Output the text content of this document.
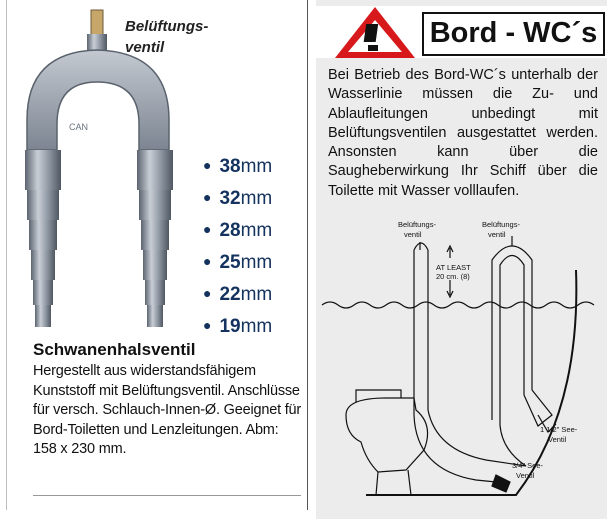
CAN

Belüftungs-
ventil

● 38mm
● 32mm
● 28mm
● 25mm
● 22mm
● 19mm
Schwanenhalsventil

Hergestellt aus widerstandsfähigem Kunststoff mit Belüftungsventil. Anschlüsse für versch. Schlauch-Innen-Ø. Geeignet für Bord-Toiletten und Lenzleitungen. Abm: 158 x 230 mm.

Bord - WC´s

Bei Betrieb des Bord-WC´s unterhalb der Wasserlinie müssen die Zu- und Ablaufleitungen unbedingt mit Belüftungsventilen ausgestattet werden. Ansonsten kann über die Saugheberwirkung Ihr Schiff über die Toilette mit Wasser volllaufen.

Belüftungs-
ventil
Belüftungs-
ventil
AT LEAST
20 cm. (8)
1 1/2" See-
Ventil
3/4" See-
Ventil
